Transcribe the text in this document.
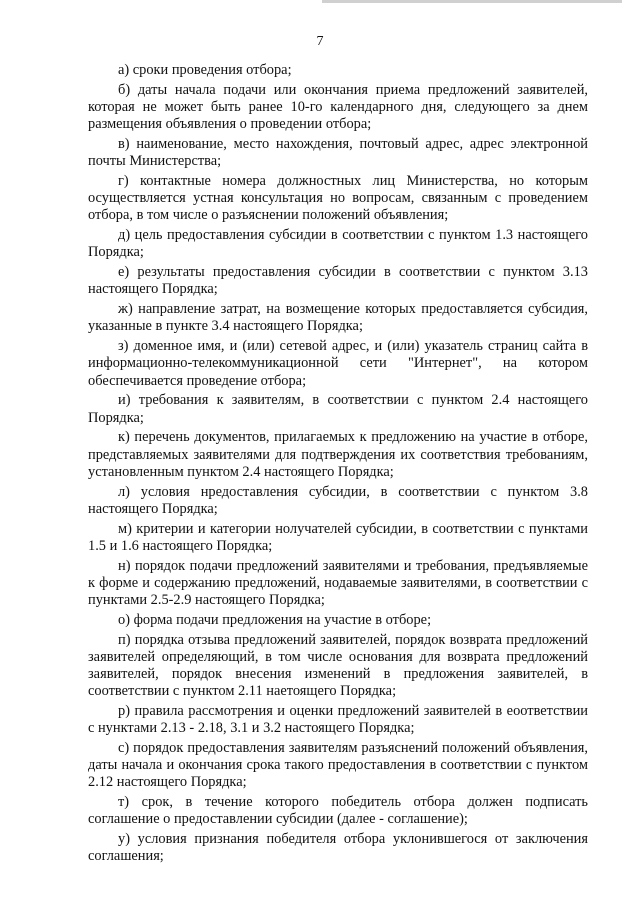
7

а) сроки проведения отбора;

б) даты начала подачи или окончания приема предложений заявителей, которая не может быть ранее 10-го календарного дня, следующего за днем размещения объявления о проведении отбора;

в) наименование, место нахождения, почтовый адрес, адрес электронной почты Министерства;

г) контактные номера должностных лиц Министерства, но которым осуществляется устная консультация но вопросам, связанным с проведением отбора, в том числе о разъяснении положений объявления;

д) цель предоставления субсидии в соответствии с пунктом 1.3 настоящего Порядка;

е) результаты предоставления субсидии в соответствии с пунктом 3.13 настоящего Порядка;

ж) направление затрат, на возмещение которых предоставляется субсидия, указанные в пункте 3.4 настоящего Порядка;

з) доменное имя, и (или) сетевой адрес, и (или) указатель страниц сайта в информационно-телекоммуникационной сети "Интернет", на котором обеспечивается проведение отбора;

и) требования к заявителям, в соответствии с пунктом 2.4 настоящего Порядка;

к) перечень документов, прилагаемых к предложению на участие в отборе, представляемых заявителями для подтверждения их соответствия требованиям, установленным пунктом 2.4 настоящего Порядка;

л) условия нредоставления субсидии, в соответствии с пунктом 3.8 настоящего Порядка;

м) критерии и категории нолучателей субсидии, в соответствии с пунктами 1.5 и 1.6 настоящего Порядка;

н) порядок подачи предложений заявителями и требования, предъявляемые к форме и содержанию предложений, нодаваемые заявителями, в соответствии с пунктами 2.5-2.9 настоящего Порядка;

о) форма подачи предложения на участие в отборе;

п) порядка отзыва предложений заявителей, порядок возврата предложений заявителей определяющий, в том числе основания для возврата предложений заявителей, порядок внесения изменений в предложения заявителей, в соответствии с пунктом 2.11 наетоящего Порядка;

р) правила рассмотрения и оценки предложений заявителей в еоответствии с нунктами 2.13 - 2.18, 3.1 и 3.2 настоящего Порядка;

с) порядок предоставления заявителям разъяснений положений объявления, даты начала и окончания срока такого предоставления в соответствии с пунктом 2.12 настоящего Порядка;

т) срок, в течение которого победитель отбора должен подписать соглашение о предоставлении субсидии (далее - соглашение);

у) условия признания победителя отбора уклонившегося от заключения соглашения;
